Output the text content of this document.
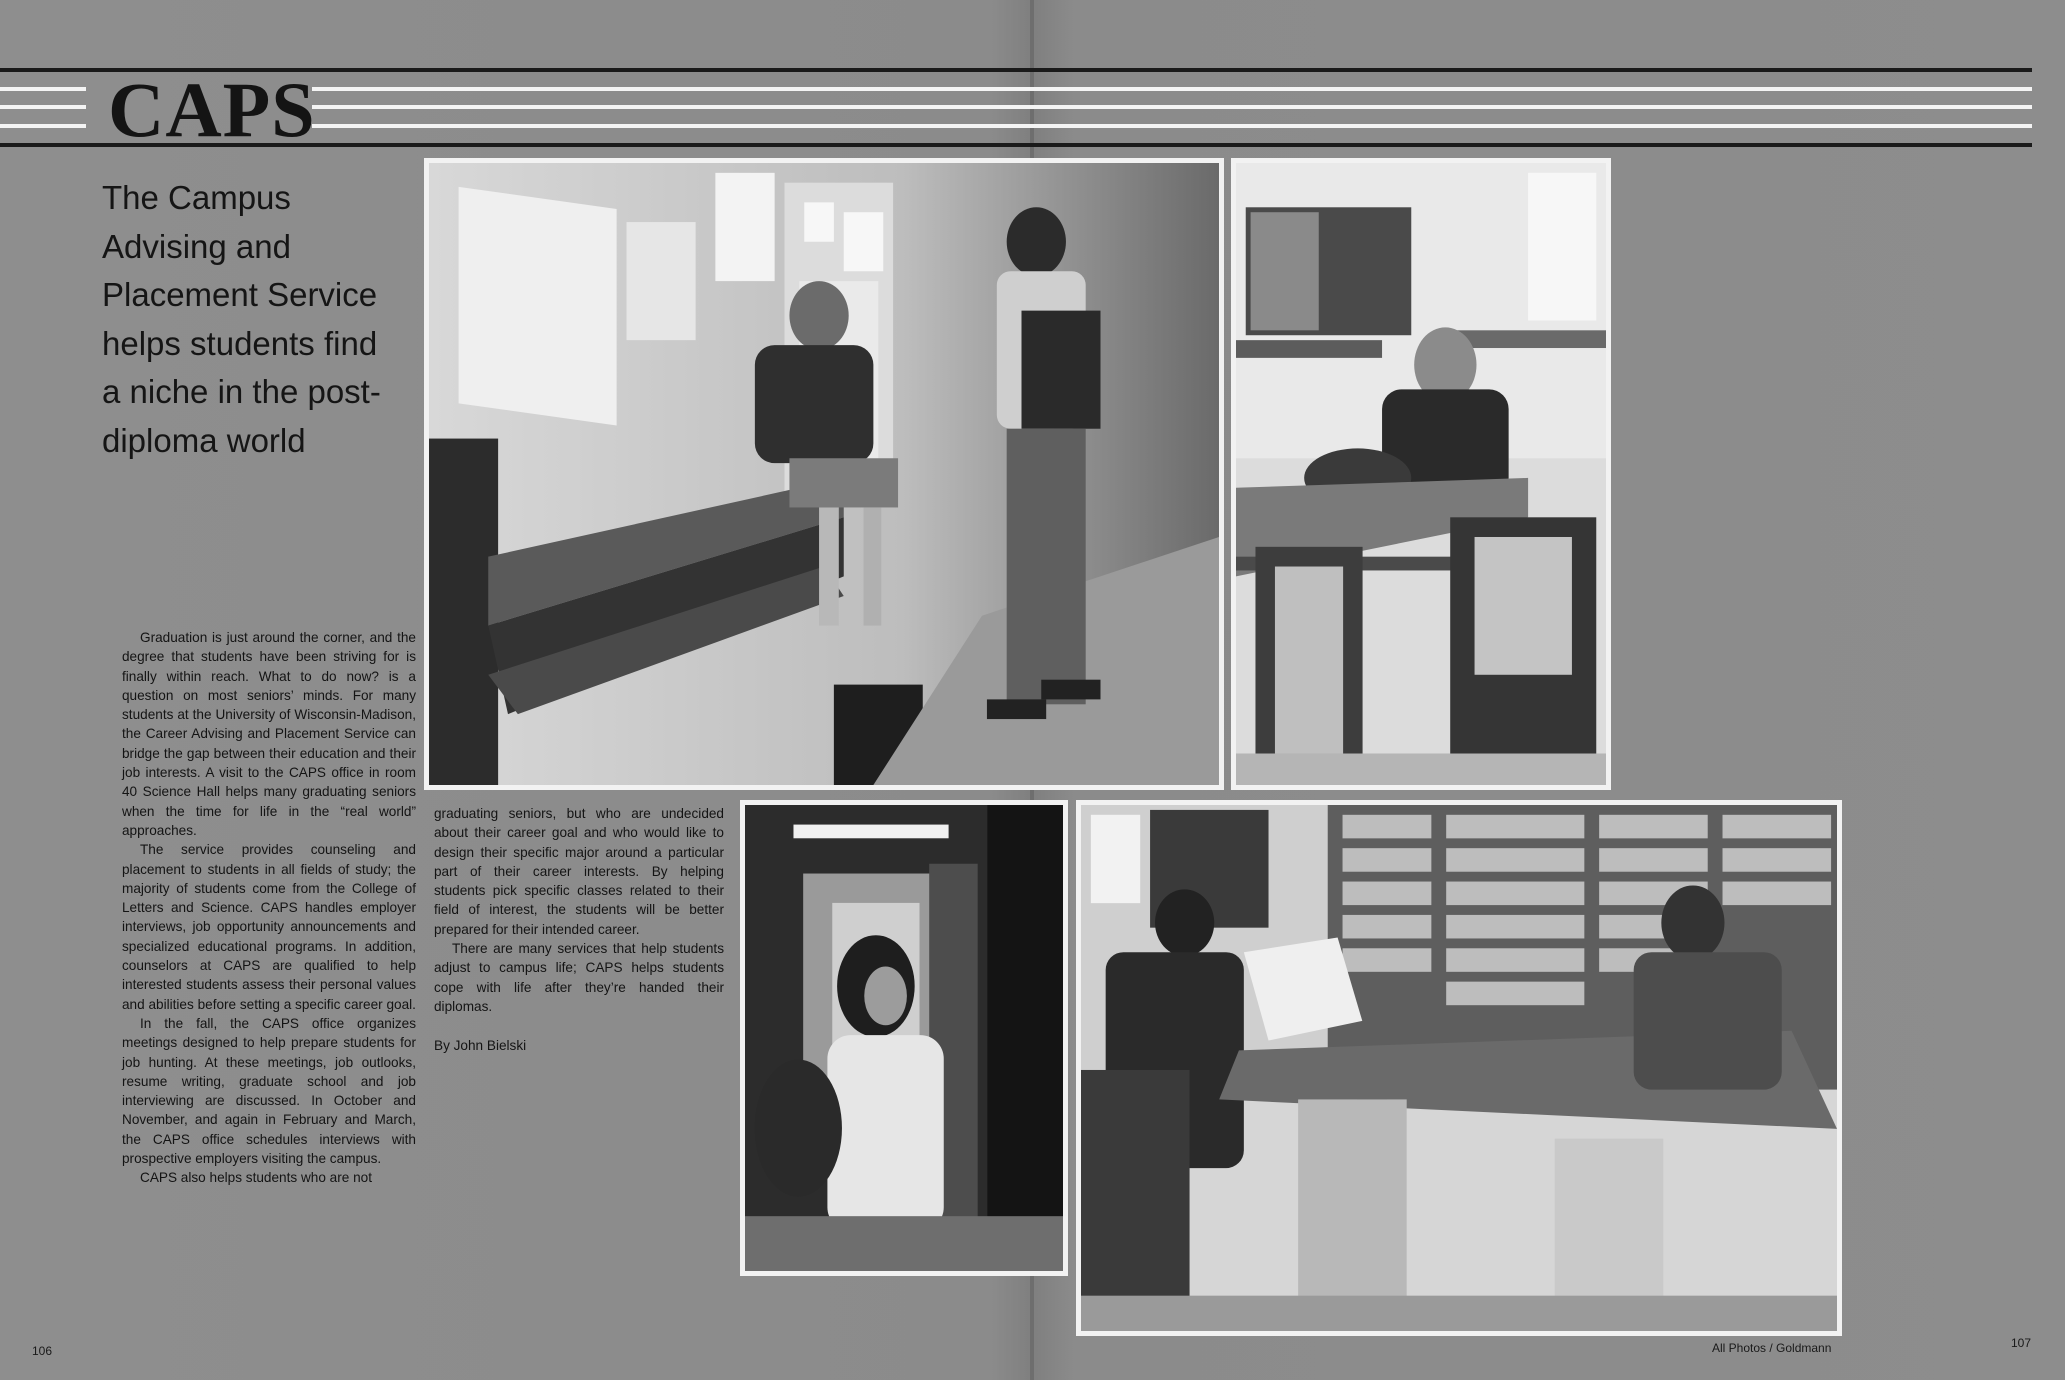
CAPS
The Campus Advising and Placement Service helps students find a niche in the post-diploma world

Graduation is just around the corner, and the degree that students have been striving for is finally within reach. What to do now? is a question on most seniors’ minds. For many students at the University of Wisconsin-Madison, the Career Advising and Placement Service can bridge the gap between their education and their job interests. A visit to the CAPS office in room 40 Science Hall helps many graduating seniors when the time for life in the “real world” approaches.

The service provides counseling and placement to students in all fields of study; the majority of students come from the College of Letters and Science. CAPS handles employer interviews, job opportunity announcements and specialized educational programs. In addition, counselors at CAPS are qualified to help interested students assess their personal values and abilities before setting a specific career goal.

In the fall, the CAPS office organizes meetings designed to help prepare students for job hunting. At these meetings, job outlooks, resume writing, graduate school and job interviewing are discussed. In October and November, and again in February and March, the CAPS office schedules interviews with prospective employers visiting the campus.

CAPS also helps students who are not

graduating seniors, but who are undecided about their career goal and who would like to design their specific major around a particular part of their career interests. By helping students pick specific classes related to their field of interest, the students will be better prepared for their intended career.

There are many services that help students adjust to campus life; CAPS helps students cope with life after they’re handed their diplomas.

By John Bielski

106	All Photos / Goldmann	107
